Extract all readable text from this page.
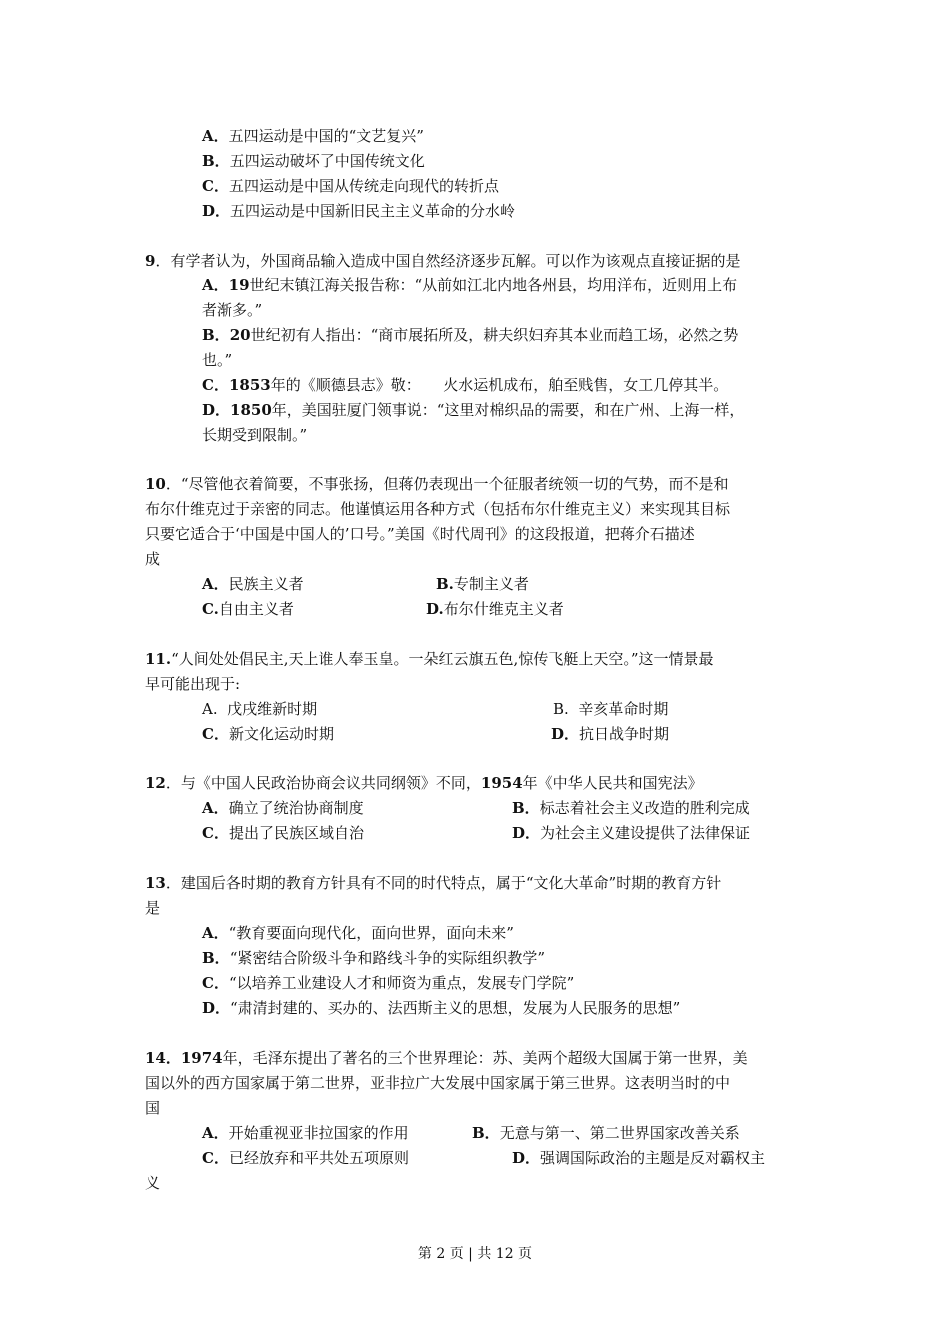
A．五四运动是中国的“文艺复兴”
B．五四运动破坏了中国传统文化
C．五四运动是中国从传统走向现代的转折点
D．五四运动是中国新旧民主主义革命的分水岭
9．有学者认为，外国商品输入造成中国自然经济逐步瓦解。可以作为该观点直接证据的是
A．19世纪末镇江海关报告称：“从前如江北内地各州县，均用洋布，近则用上布
者渐多。”
B．20世纪初有人指出：“商市展拓所及，耕夫织妇弃其本业而趋工场，必然之势
也。”
C．1853年的《顺德县志》敬：　　火水运机成布，舶至贱售，女工几停其半。
D．1850年，美国驻厦门领事说：“这里对棉织品的需要，和在广州、上海一样，
长期受到限制。”
10．“尽管他衣着简要，不事张扬，但蒋仍表现出一个征服者统领一切的气势，而不是和
布尔什维克过于亲密的同志。他谨慎运用各种方式（包括布尔什维克主义）来实现其目标
只要它适合于‘中国是中国人的’口号。”美国《时代周刊》的这段报道，把蒋介石描述
成
A．民族主义者	B.专制主义者
C.自由主义者	D.布尔什维克主义者
11.“人间处处倡民主,天上谁人奉玉皇。一朵红云旗五色,惊传飞艇上天空。”这一情景最
早可能出现于:
A. 戊戌维新时期	B. 辛亥革命时期
C．新文化运动时期	D．抗日战争时期
12．与《中国人民政治协商会议共同纲领》不同，1954年《中华人民共和国宪法》
A．确立了统治协商制度	B．标志着社会主义改造的胜利完成
C．提出了民族区域自治	D．为社会主义建设提供了法律保证
13．建国后各时期的教育方针具有不同的时代特点，属于“文化大革命”时期的教育方针
是
A．“教育要面向现代化，面向世界，面向未来”
B．“紧密结合阶级斗争和路线斗争的实际组织教学”
C．“以培养工业建设人才和师资为重点，发展专门学院”
D．“肃清封建的、买办的、法西斯主义的思想，发展为人民服务的思想”
14．1974年，毛泽东提出了著名的三个世界理论：苏、美两个超级大国属于第一世界，美
国以外的西方国家属于第二世界，亚非拉广大发展中国家属于第三世界。这表明当时的中
国
A．开始重视亚非拉国家的作用	B．无意与第一、第二世界国家改善关系
C．已经放弃和平共处五项原则	D．强调国际政治的主题是反对霸权主
义
第 2 页 | 共 12 页
